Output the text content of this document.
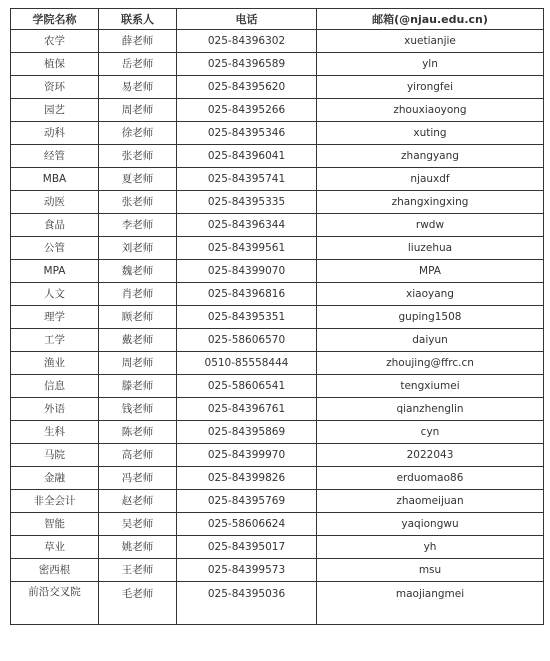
学院名称	联系人	电话	邮箱(@njau.edu.cn)
农学	薛老师	025-84396302	xuetianjie
植保	岳老师	025-84396589	yln
资环	易老师	025-84395620	yirongfei
园艺	周老师	025-84395266	zhouxiaoyong
动科	徐老师	025-84395346	xuting
经管	张老师	025-84396041	zhangyang
MBA	夏老师	025-84395741	njauxdf
动医	张老师	025-84395335	zhangxingxing
食品	李老师	025-84396344	rwdw
公管	刘老师	025-84399561	liuzehua
MPA	魏老师	025-84399070	MPA
人文	肖老师	025-84396816	xiaoyang
理学	顾老师	025-84395351	guping1508
工学	戴老师	025-58606570	daiyun
渔业	周老师	0510-85558444	zhoujing@ffrc.cn
信息	滕老师	025-58606541	tengxiumei
外语	钱老师	025-84396761	qianzhenglin
生科	陈老师	025-84395869	cyn
马院	高老师	025-84399970	2022043
金融	冯老师	025-84399826	erduomao86
非全会计	赵老师	025-84395769	zhaomeijuan
智能	吴老师	025-58606624	yaqiongwu
草业	姚老师	025-84395017	yh
密西根	王老师	025-84399573	msu
前沿交叉院	毛老师	025-84395036	maojiangmei
